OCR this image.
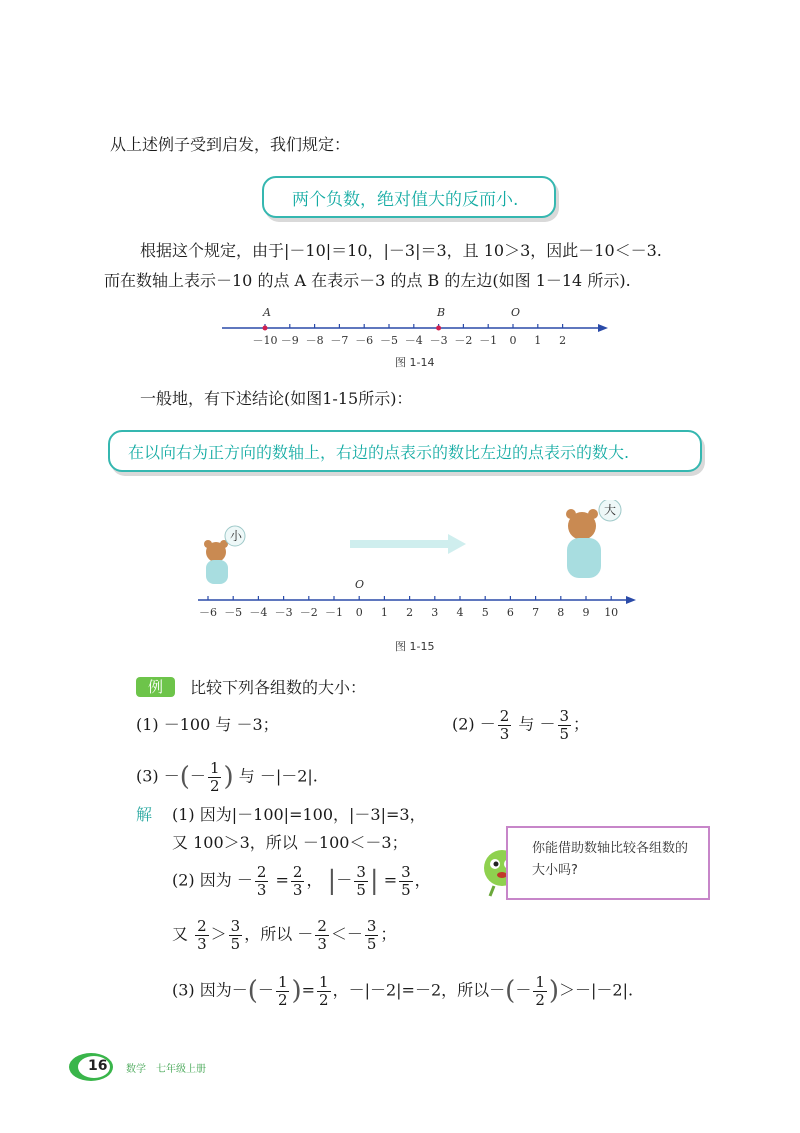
从上述例子受到启发，我们规定：
两个负数，绝对值大的反而小.
根据这个规定，由于|－10|＝10，|－3|＝3，且 10＞3，因此－10＜－3.
而在数轴上表示－10 的点 A 在表示－3 的点 B 的左边(如图 1－14 所示).
－10 －9 －8 －7 －6 －5 －4 －3 －2 －1 0 1 2
A	B	O
图 1-14
一般地，有下述结论(如图1-15所示)：
在以向右为正方向的数轴上，右边的点表示的数比左边的点表示的数大.
小
大
－6 －5 －4 －3 －2 －1 0 1 2 3 4 5 6 7 8 9 10
O
图 1-15
例	比较下列各组数的大小：
(1) －100 与 －3；	$(2) - \frac{2}{3}$ 与 － $\frac{3}{5}$ ；
(3) －(－ $\frac{1}{2}$ ) 与 －|－2|.
解 (1) 因为|－100|=100，|－3|=3，
又 100＞3，所以 －100＜－3；
(2) 因为 － $\frac{2}{3} = \frac{2}{3}$ ， |－ $\frac{3}{5}$ | = $\frac{3}{5}$ ，
又 $\frac{2}{3} > \frac{3}{5}$ ，所以 － $\frac{2}{3} <- \frac{3}{5}$ ；
(3) 因为－(－ $\frac{1}{2}$ )= $\frac{1}{2}$ ，－|－2|=－2，所以－(－ $\frac{1}{2} )>-|-2|$.
你能借助数轴比较各组数的大小吗?
16 数学 七年级上册
